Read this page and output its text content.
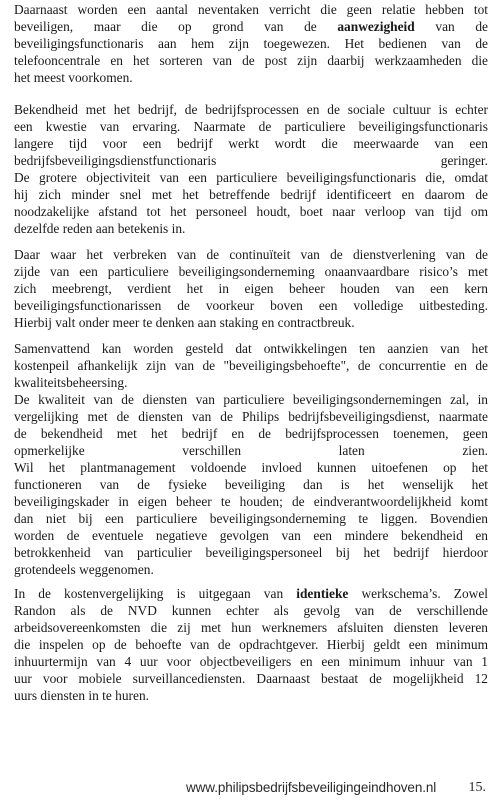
Daarnaast worden een aantal neventaken verricht die geen relatie hebben tot
beveiligen, maar die op grond van de aanwezigheid van de
beveiligingsfunctionaris aan hem zijn toegewezen. Het bedienen van de
telefooncentrale en het sorteren van de post zijn daarbij werkzaamheden die
het meest voorkomen.
Bekendheid met het bedrijf, de bedrijfsprocessen en de sociale cultuur is echter
een kwestie van ervaring. Naarmate de particuliere beveiligingsfunctionaris
langere tijd voor een bedrijf werkt wordt die meerwaarde van een
bedrijfsbeveiligingsdienstfunctionaris geringer.
De grotere objectiviteit van een particuliere beveiligingsfunctionaris die, omdat
hij zich minder snel met het betreffende bedrijf identificeert en daarom de
noodzakelijke afstand tot het personeel houdt, boet naar verloop van tijd om
dezelfde reden aan betekenis in.
Daar waar het verbreken van de continuïteit van de dienstverlening van de
zijde van een particuliere beveiligingsonderneming onaanvaardbare risico’s met
zich meebrengt, verdient het in eigen beheer houden van een kern
beveiligingsfunctionarissen de voorkeur boven een volledige uitbesteding.
Hierbij valt onder meer te denken aan staking en contractbreuk.
Samenvattend kan worden gesteld dat ontwikkelingen ten aanzien van het
kostenpeil afhankelijk zijn van de "beveiligingsbehoefte", de concurrentie en de
kwaliteitsbeheersing.
De kwaliteit van de diensten van particuliere beveiligingsondernemingen zal, in
vergelijking met de diensten van de Philips bedrijfsbeveiligingsdienst, naarmate
de bekendheid met het bedrijf en de bedrijfsprocessen toenemen, geen
opmerkelijke verschillen laten zien.
Wil het plantmanagement voldoende invloed kunnen uitoefenen op het
functioneren van de fysieke beveiliging dan is het wenselijk het
beveiligingskader in eigen beheer te houden; de eindverantwoordelijkheid komt
dan niet bij een particuliere beveiligingsonderneming te liggen. Bovendien
worden de eventuele negatieve gevolgen van een mindere bekendheid en
betrokkenheid van particulier beveiligingspersoneel bij het bedrijf hierdoor
grotendeels weggenomen.
In de kostenvergelijking is uitgegaan van identieke werkschema’s. Zowel
Randon als de NVD kunnen echter als gevolg van de verschillende
arbeidsovereenkomsten die zij met hun werknemers afsluiten diensten leveren
die inspelen op de behoefte van de opdrachtgever. Hierbij geldt een minimum
inhuurtermijn van 4 uur voor objectbeveiligers en een minimum inhuur van 1
uur voor mobiele surveillancediensten. Daarnaast bestaat de mogelijkheid 12
uurs diensten in te huren.
www.philipsbedrijfsbeveiligingeindhoven.nl 15.
